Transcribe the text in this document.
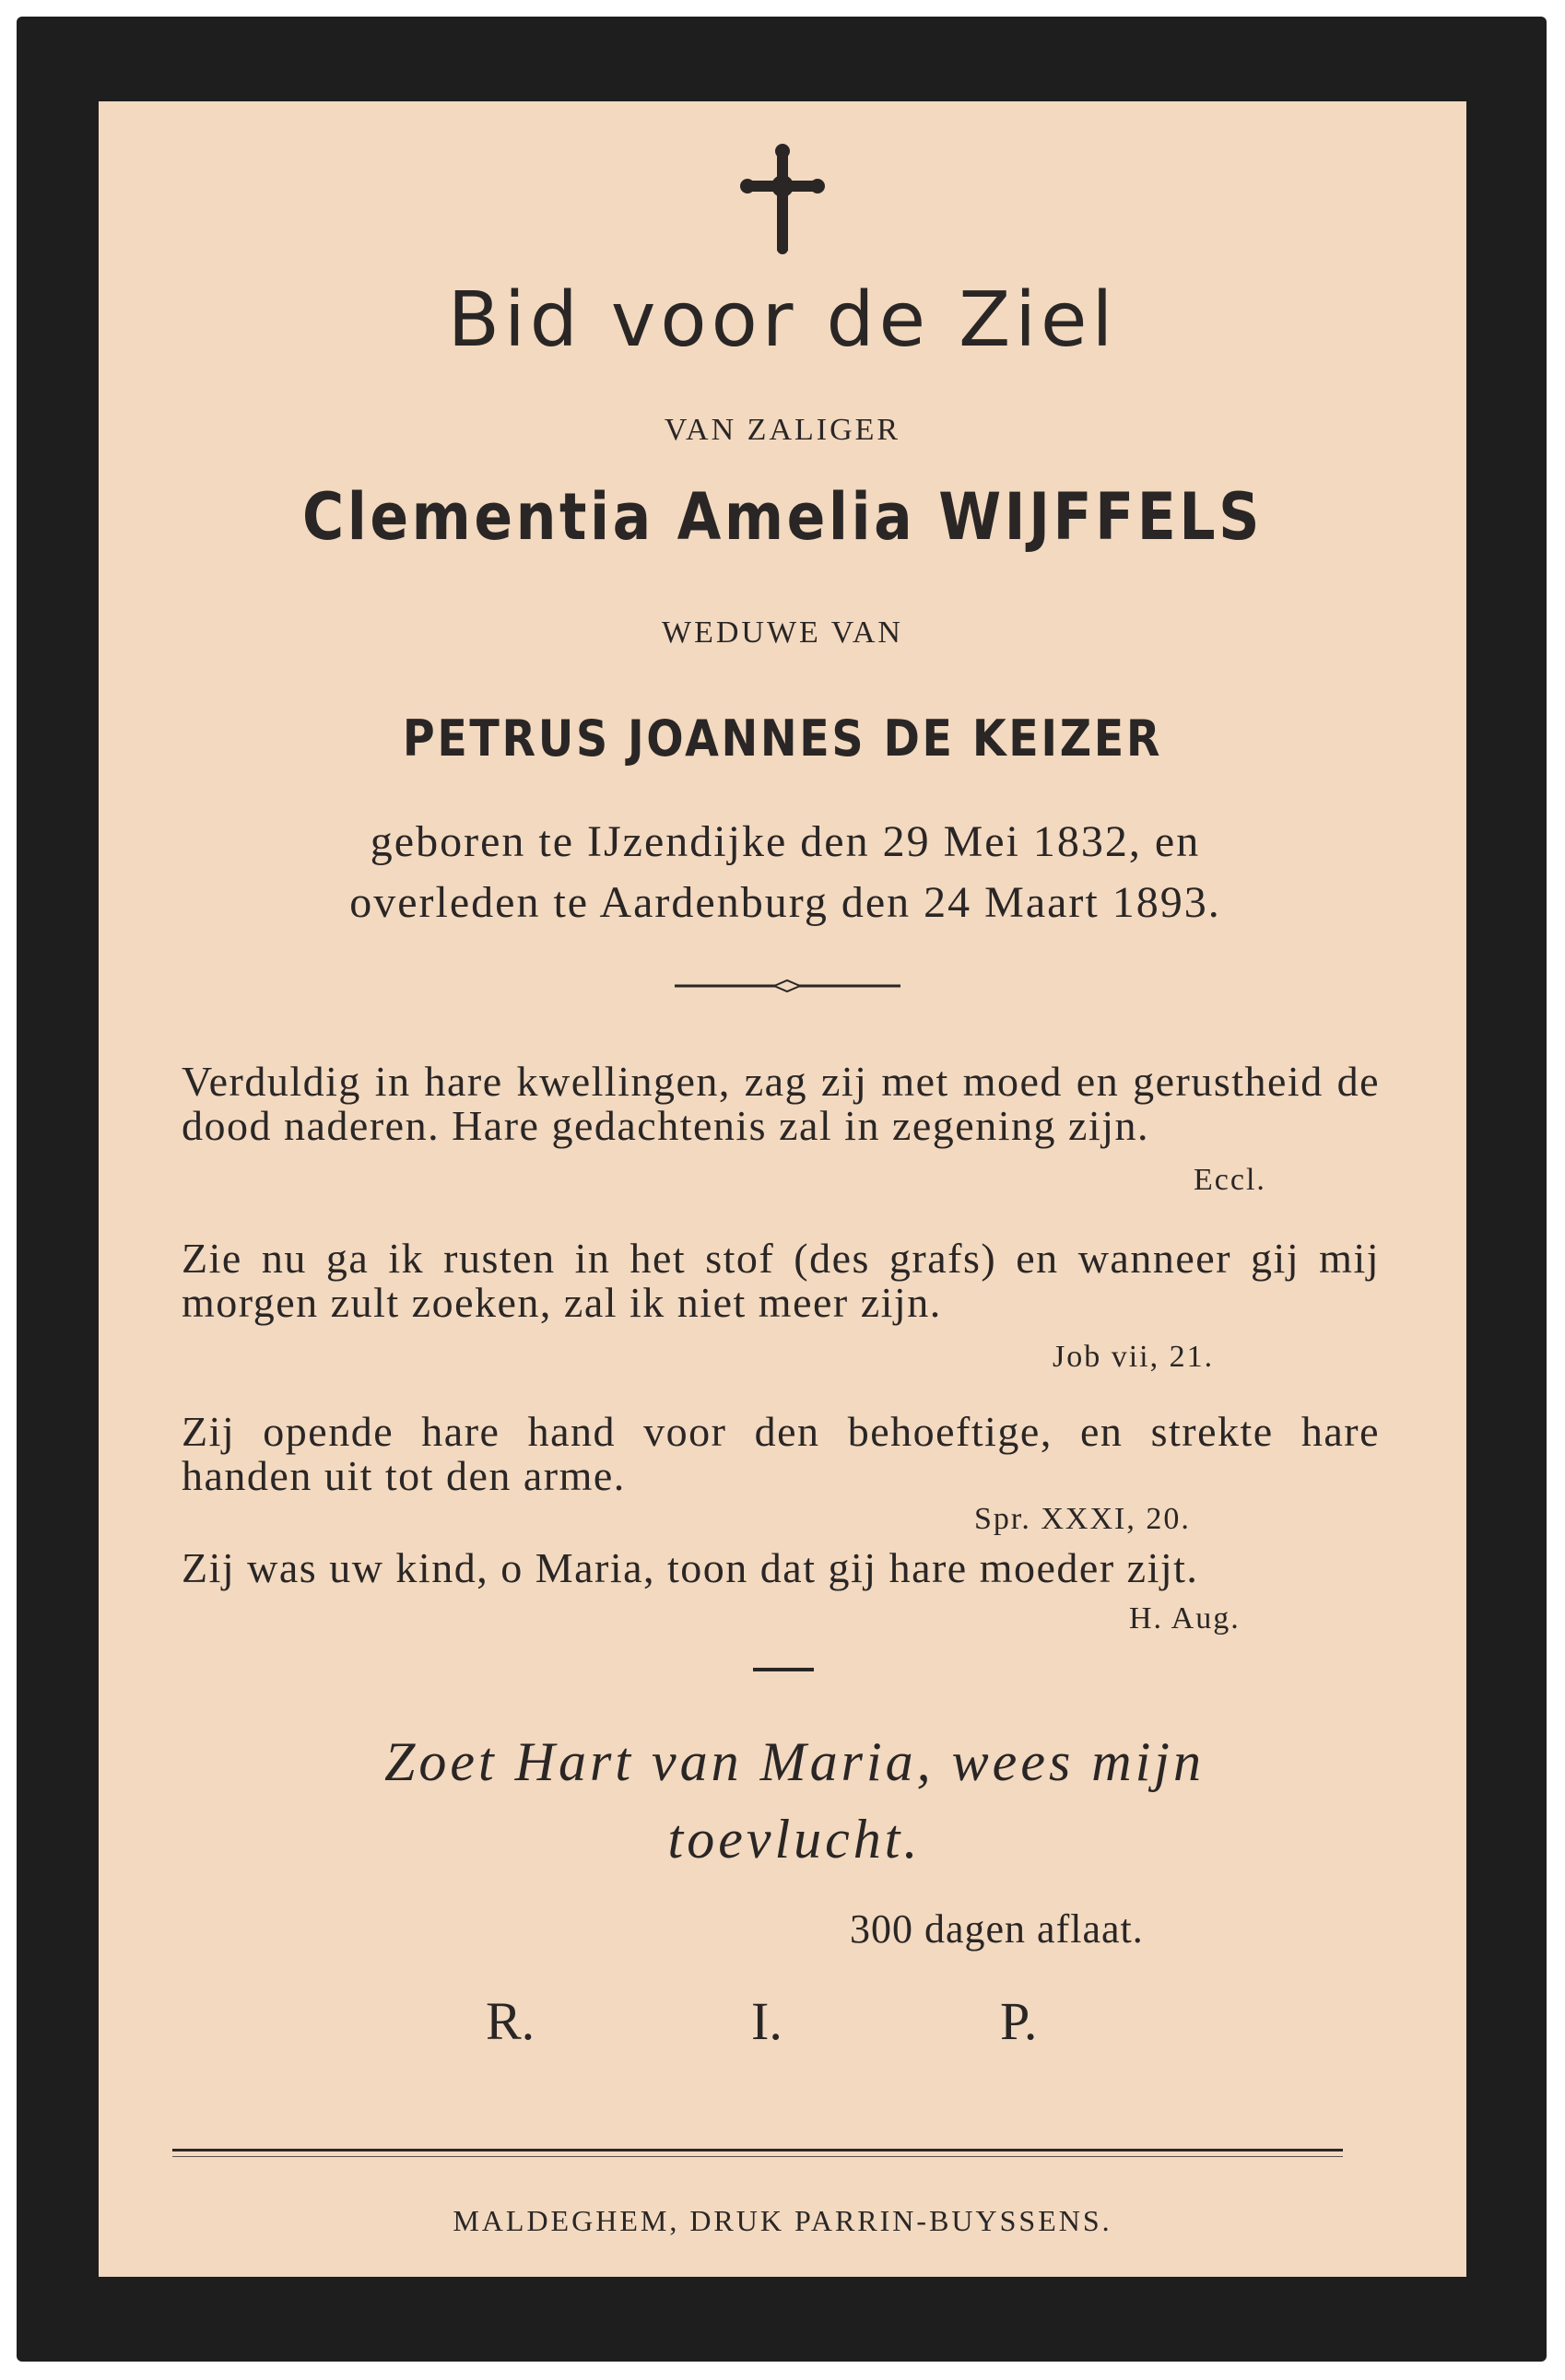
Bid voor de Ziel
VAN ZALIGER
Clementia Amelia WIJFFELS
WEDUWE VAN
PETRUS JOANNES DE KEIZER
geboren te IJzendijke den 29 Mei 1832, en
overleden te Aardenburg den 24 Maart 1893.

Verduldig in hare kwellingen, zag zij met moed en gerustheid de dood naderen. Hare gedachtenis zal in zegening zijn.

Eccl.

Zie nu ga ik rusten in het stof (des grafs) en wanneer gij mij morgen zult zoeken, zal ik niet meer zijn.

Job vii, 21.

Zij opende hare hand voor den behoeftige, en strekte hare handen uit tot den arme.

Spr. XXXI, 20.

Zij was uw kind, o Maria, toon dat gij hare moeder zijt.

H. Aug.
Zoet Hart van Maria, wees mijn
toevlucht.
300 dagen aflaat.
R.	I.	P.
MALDEGHEM, DRUK PARRIN-BUYSSENS.
